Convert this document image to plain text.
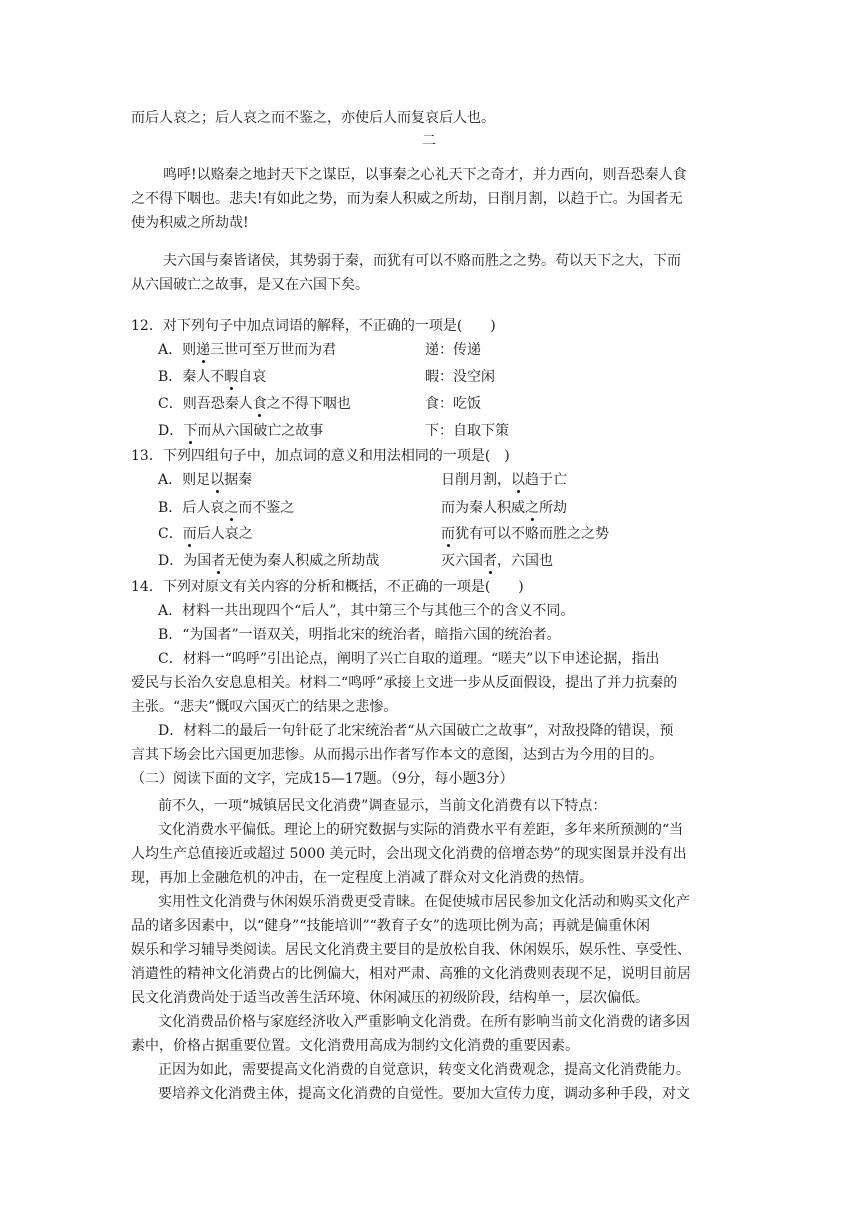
而后人哀之；后人哀之而不鉴之，亦使后人而复哀后人也。
二
鸣呼!以赂秦之地封天下之谋臣，以事秦之心礼天下之奇才，并力西向，则吾恐秦人食
之不得下咽也。悲夫!有如此之势，而为秦人积威之所劫，日削月割，以趋于亡。为国者无
使为积威之所劫哉!
夫六国与秦皆诸侯，其势弱于秦，而犹有可以不赂而胜之之势。苟以天下之大，下而
从六国破亡之故事，是又在六国下矣。
12．对下列句子中加点词语的解释，不正确的一项是(　　)
A．则递三世可至万世而为君	递：传递
B．秦人不暇自哀	暇：没空闲
C．则吾恐秦人食之不得下咽也	食：吃饭
D．下而从六国破亡之故事	下：自取下策
13．下列四组句子中，加点词的意义和用法相同的一项是(　)
A．则足以据秦	日削月割，以趋于亡
B．后人哀之而不鉴之	而为秦人积威之所劫
C．而后人哀之	而犹有可以不赂而胜之之势
D．为国者无使为秦人积威之所劫哉	灭六国者，六国也
14．下列对原文有关内容的分析和概括，不正确的一项是(　　)
A．材料一共出现四个“后人”，其中第三个与其他三个的含义不同。
B．“为国者”一语双关，明指北宋的统治者，暗指六国的统治者。
C．材料一“呜呼”引出论点，阐明了兴亡自取的道理。“嗟夫”以下申述论据，指出
爱民与长治久安息息相关。材料二“鸣呼”承接上文进一步从反面假设，提出了并力抗秦的
主张。“悲夫”慨叹六国灭亡的结果之悲惨。
D．材料二的最后一句针砭了北宋统治者“从六国破亡之故事”，对敌投降的错误，预
言其下场会比六国更加悲惨。从而揭示出作者写作本文的意图，达到古为今用的目的。
（二）阅读下面的文字，完成15—17题。（9分，每小题3分）
前不久，一项“城镇居民文化消费”调查显示，当前文化消费有以下特点：
文化消费水平偏低。理论上的研究数据与实际的消费水平有差距，多年来所预测的“当
人均生产总值接近或超过 5000 美元时，会出现文化消费的倍增态势”的现实图景并没有出
现，再加上金融危机的冲击，在一定程度上消减了群众对文化消费的热情。
实用性文化消费与休闲娱乐消费更受青睐。在促使城市居民参加文化活动和购买文化产
品的诸多因素中，以“健身”“技能培训”“教育子女”的选项比例为高；再就是偏重休闲
娱乐和学习辅导类阅读。居民文化消费主要目的是放松自我、休闲娱乐，娱乐性、享受性、
消遣性的精神文化消费占的比例偏大，相对严肃、高雅的文化消费则表现不足，说明目前居
民文化消费尚处于适当改善生活环境、休闲减压的初级阶段，结构单一，层次偏低。
文化消费品价格与家庭经济收入严重影响文化消费。在所有影响当前文化消费的诸多因
素中，价格占据重要位置。文化消费用高成为制约文化消费的重要因素。
正因为如此，需要提高文化消费的自觉意识，转变文化消费观念，提高文化消费能力。
要培养文化消费主体，提高文化消费的自觉性。要加大宣传力度，调动多种手段，对文
